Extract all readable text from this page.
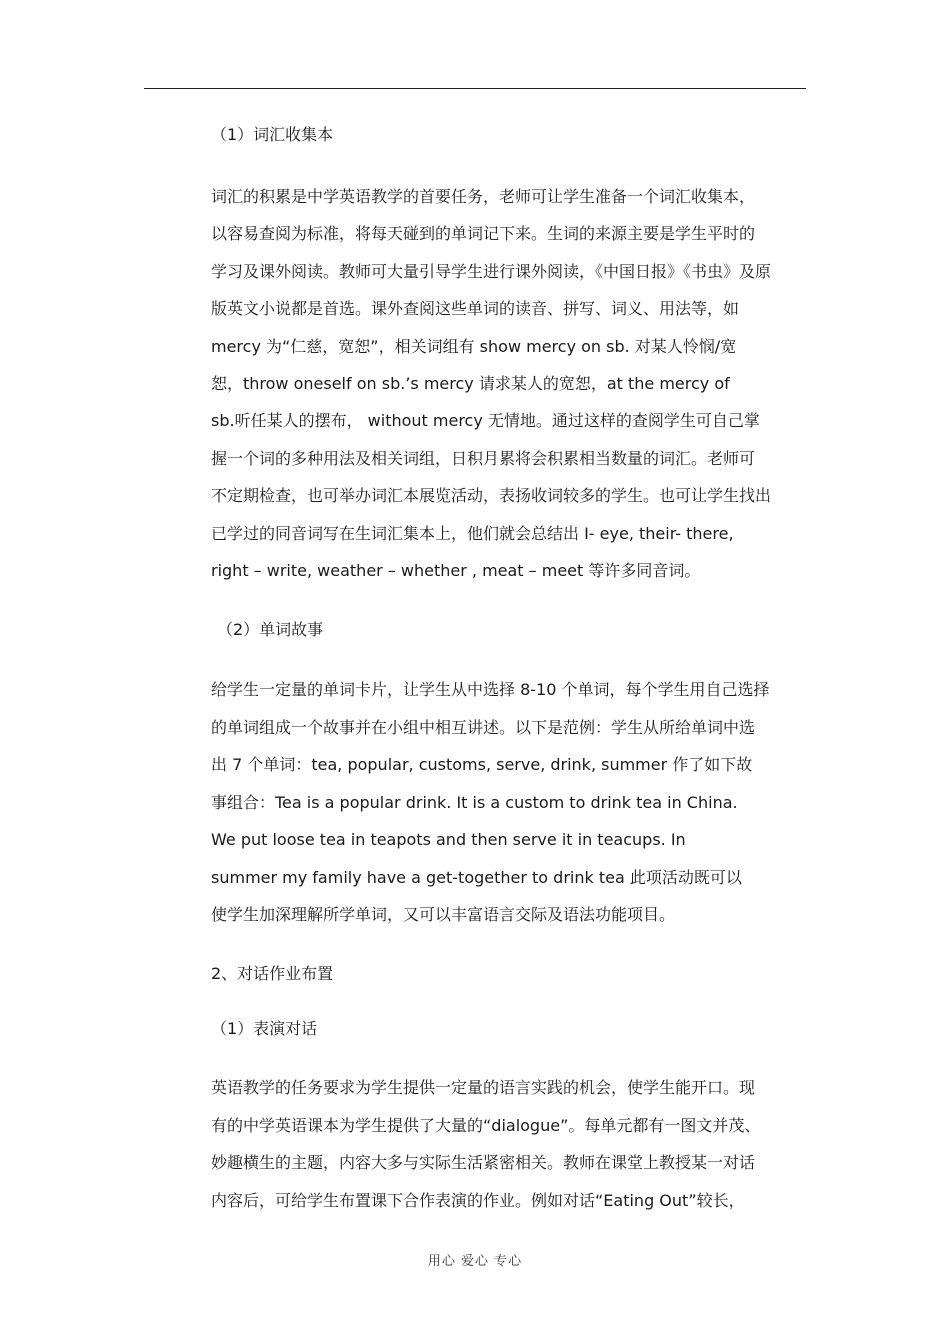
（1）词汇收集本

词汇的积累是中学英语教学的首要任务，老师可让学生准备一个词汇收集本，
以容易查阅为标准，将每天碰到的单词记下来。生词的来源主要是学生平时的
学习及课外阅读。教师可大量引导学生进行课外阅读，《中国日报》《书虫》及原
版英文小说都是首选。课外查阅这些单词的读音、拼写、词义、用法等，如
mercy 为“仁慈，宽恕”，相关词组有 show mercy on sb. 对某人怜悯/宽
恕，throw oneself on sb.’s mercy 请求某人的宽恕，at the mercy of
sb.听任某人的摆布， without mercy 无情地。通过这样的查阅学生可自己掌
握一个词的多种用法及相关词组，日积月累将会积累相当数量的词汇。老师可
不定期检查，也可举办词汇本展览活动，表扬收词较多的学生。也可让学生找出
已学过的同音词写在生词汇集本上，他们就会总结出 I- eye, their- there,
right – write, weather – whether , meat – meet 等许多同音词。

（2）单词故事

给学生一定量的单词卡片，让学生从中选择 8-10 个单词，每个学生用自己选择
的单词组成一个故事并在小组中相互讲述。以下是范例：学生从所给单词中选
出 7 个单词：tea, popular, customs, serve, drink, summer 作了如下故
事组合：Tea is a popular drink. It is a custom to drink tea in China.
We put loose tea in teapots and then serve it in teacups. In
summer my family have a get-together to drink tea 此项活动既可以
使学生加深理解所学单词，又可以丰富语言交际及语法功能项目。

2、对话作业布置

（1）表演对话

英语教学的任务要求为学生提供一定量的语言实践的机会，使学生能开口。现
有的中学英语课本为学生提供了大量的“dialogue”。每单元都有一图文并茂、
妙趣横生的主题，内容大多与实际生活紧密相关。教师在课堂上教授某一对话
内容后，可给学生布置课下合作表演的作业。例如对话“Eating Out”较长，
用心 爱心 专心
